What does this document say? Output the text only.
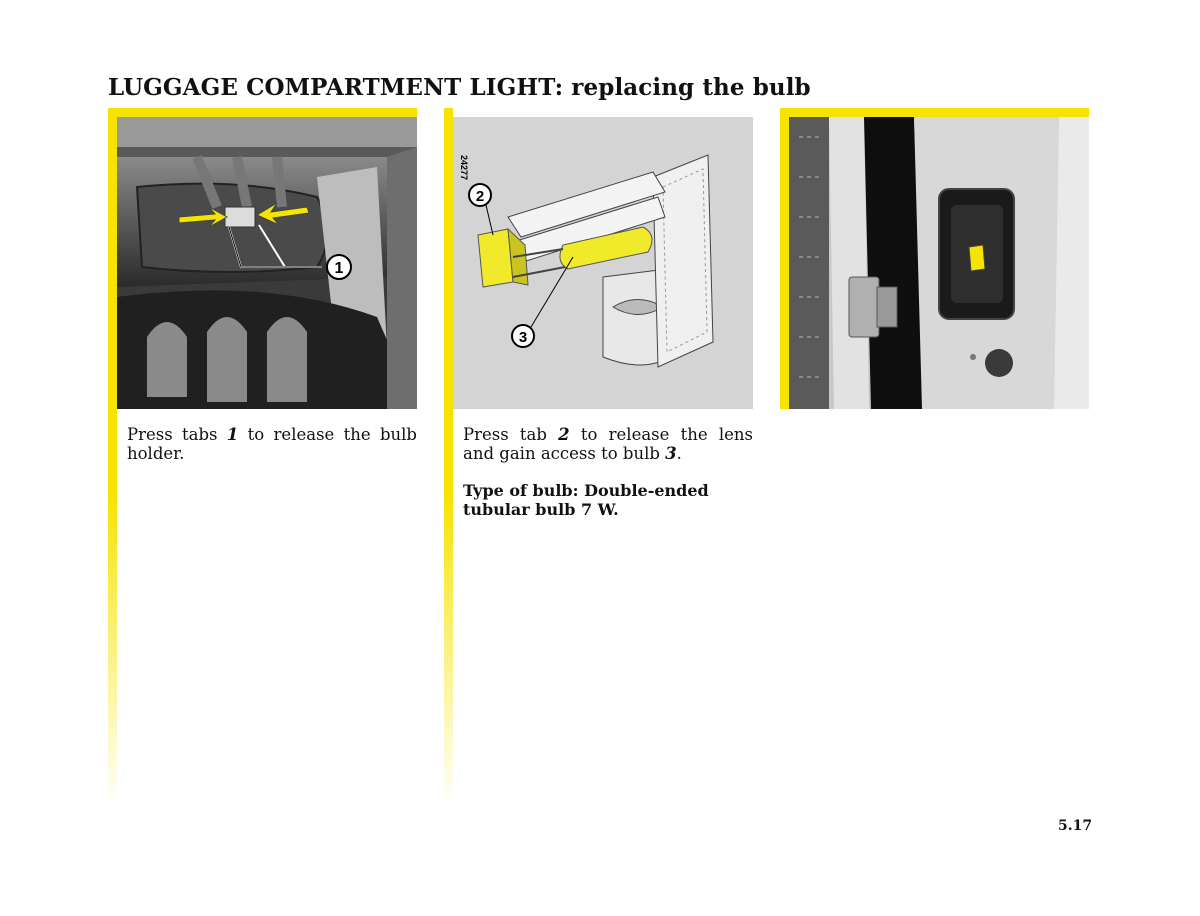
LUGGAGE COMPARTMENT LIGHT: replacing the bulb
1

Press tabs 1 to release the bulb holder.

24277
2
3

Press tab 2 to release the lens and gain access to bulb 3.

Type of bulb: Double-ended tubular bulb 7 W.

5.17
